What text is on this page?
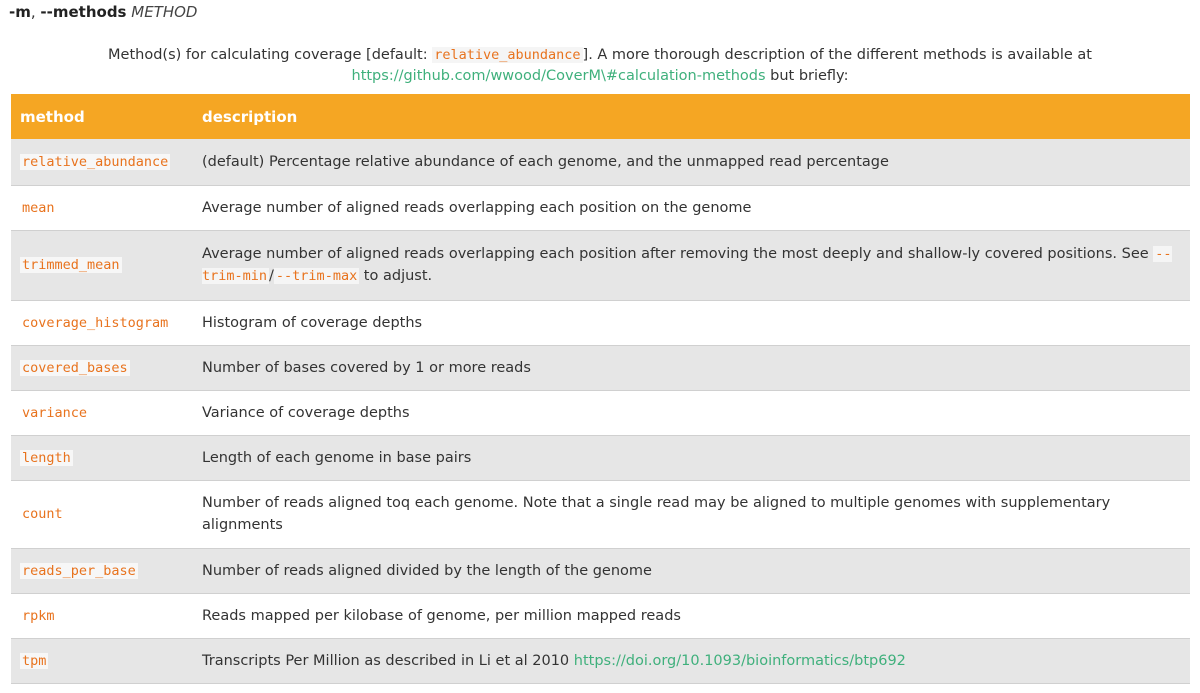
-m, --methods METHOD
Method(s) for calculating coverage [default: relative_abundance ]. A more thorough description of the different methods is available at
https://github.com/wwood/CoverM\#calculation-methods but briefly:
method	description
relative_abundance	(default) Percentage relative abundance of each genome, and the unmapped read percentage
mean	Average number of aligned reads overlapping each position on the genome
trimmed_mean	Average number of aligned reads overlapping each position after removing the most deeply and shallow-ly covered positions. See --trim-min / --trim-max to adjust.
coverage_histogram	Histogram of coverage depths
covered_bases	Number of bases covered by 1 or more reads
variance	Variance of coverage depths
length	Length of each genome in base pairs
count	Number of reads aligned toq each genome. Note that a single read may be aligned to multiple genomes with supplementary alignments
reads_per_base	Number of reads aligned divided by the length of the genome
rpkm	Reads mapped per kilobase of genome, per million mapped reads
tpm	Transcripts Per Million as described in Li et al 2010 https://doi.org/10.1093/bioinformatics/btp692
